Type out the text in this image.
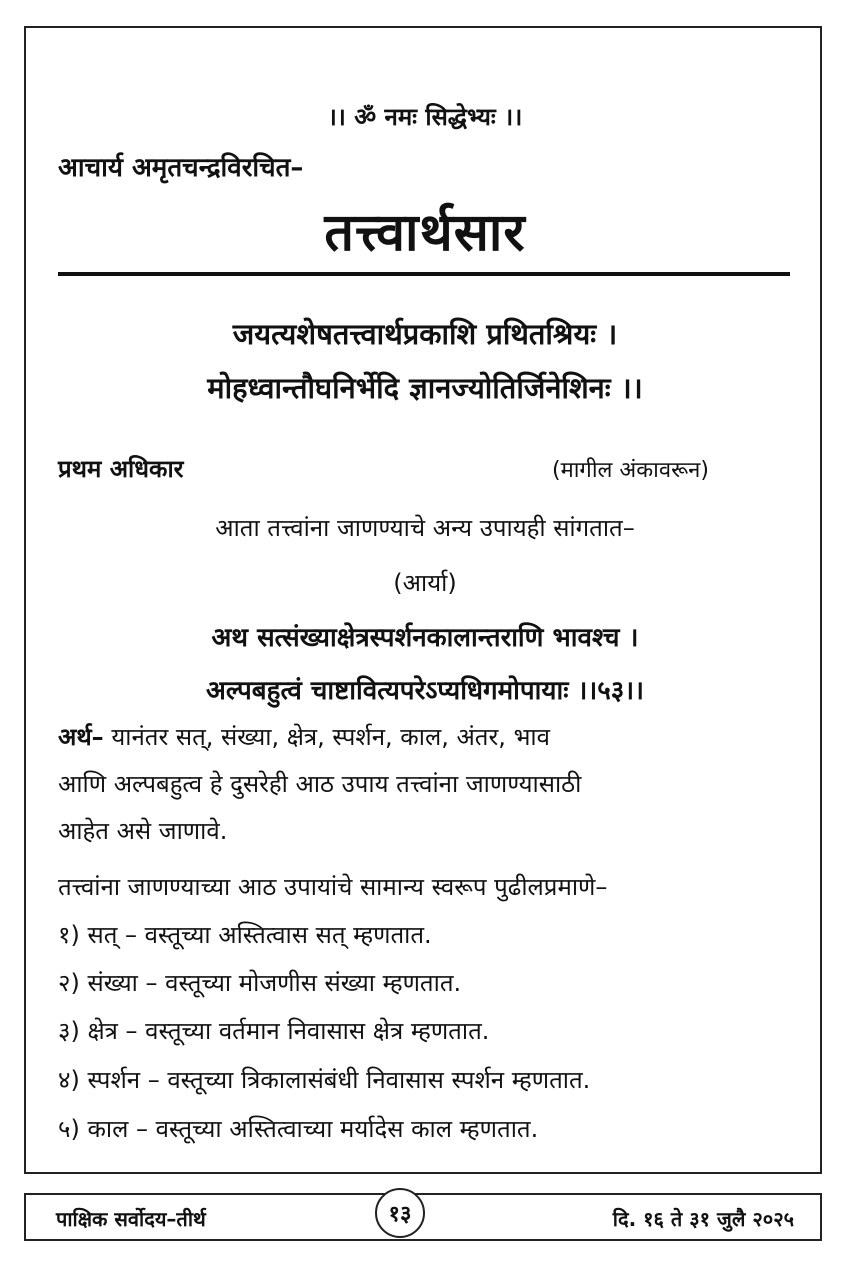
।। ॐ नमः सिद्धेभ्यः ।।
आचार्य अमृतचन्द्रविरचित–
तत्त्वार्थसार
जयत्यशेषतत्त्वार्थप्रकाशि प्रथितश्रियः ।
मोहध्वान्तौघनिर्भेदि ज्ञानज्योतिर्जिनेशिनः ।।
प्रथम अधिकार	(मागील अंकावरून)
आता तत्त्वांना जाणण्याचे अन्य उपायही सांगतात–
(आर्या)
अथ सत्संख्याक्षेत्रस्पर्शनकालान्तराणि भावश्च ।
अल्पबहुत्वं चाष्टावित्यपरेऽप्यधिगमोपायाः ।।५३।।
अर्थ– यानंतर सत्, संख्या, क्षेत्र, स्पर्शन, काल, अंतर, भाव
आणि अल्पबहुत्व हे दुसरेही आठ उपाय तत्त्वांना जाणण्यासाठी
आहेत असे जाणावे.
तत्त्वांना जाणण्याच्या आठ उपायांचे सामान्य स्वरूप पुढीलप्रमाणे–
१) सत् – वस्तूच्या अस्तित्वास सत् म्हणतात.
२) संख्या – वस्तूच्या मोजणीस संख्या म्हणतात.
३) क्षेत्र – वस्तूच्या वर्तमान निवासास क्षेत्र म्हणतात.
४) स्पर्शन – वस्तूच्या त्रिकालासंबंधी निवासास स्पर्शन म्हणतात.
५) काल – वस्तूच्या अस्तित्वाच्या मर्यादेस काल म्हणतात.
पाक्षिक सर्वोदय–तीर्थ	दि. १६ ते ३१ जुलै २०२५
१३
